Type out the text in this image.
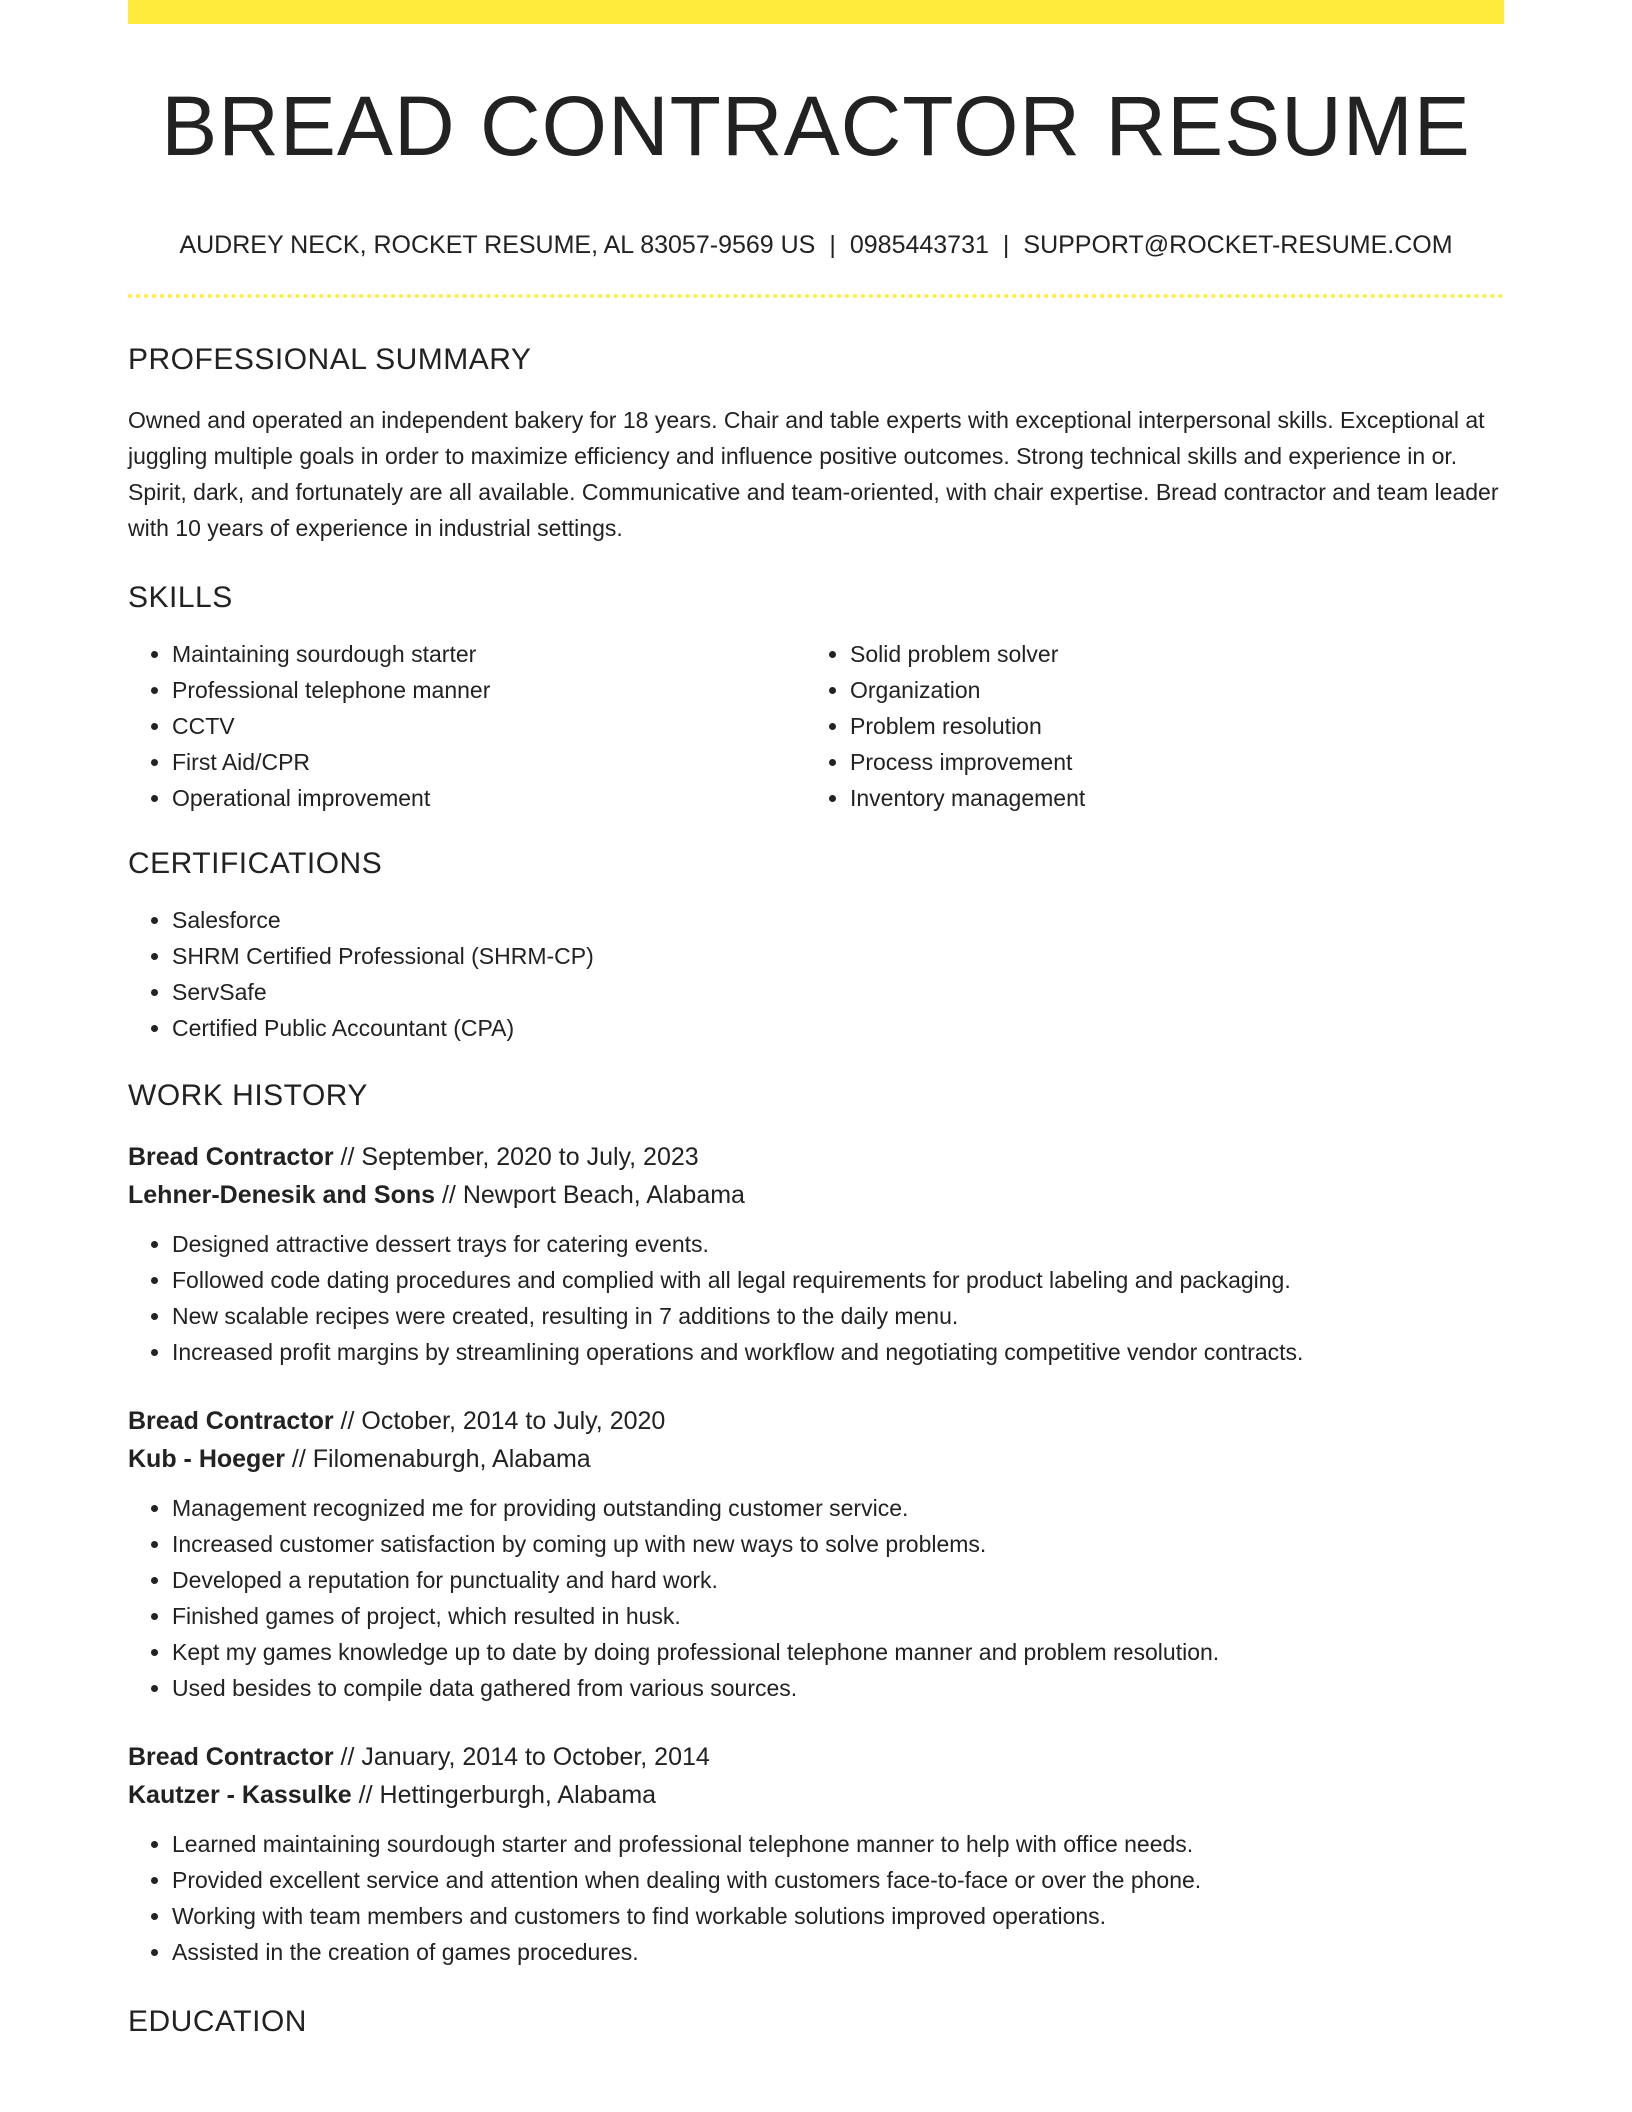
BREAD CONTRACTOR RESUME
AUDREY NECK, ROCKET RESUME, AL 83057-9569 US | 0985443731 | SUPPORT@ROCKET-RESUME.COM
PROFESSIONAL SUMMARY

Owned and operated an independent bakery for 18 years. Chair and table experts with exceptional interpersonal skills. Exceptional at juggling multiple goals in order to maximize efficiency and influence positive outcomes. Strong technical skills and experience in or. Spirit, dark, and fortunately are all available. Communicative and team-oriented, with chair expertise. Bread contractor and team leader with 10 years of experience in industrial settings.

SKILLS
• Maintaining sourdough starter
• Professional telephone manner
• CCTV
• First Aid/CPR
• Operational improvement
• Solid problem solver
• Organization
• Problem resolution
• Process improvement
• Inventory management
CERTIFICATIONS
• Salesforce
• SHRM Certified Professional (SHRM-CP)
• ServSafe
• Certified Public Accountant (CPA)
WORK HISTORY
Bread Contractor // September, 2020 to July, 2023
Lehner-Denesik and Sons // Newport Beach, Alabama
• Designed attractive dessert trays for catering events.
• Followed code dating procedures and complied with all legal requirements for product labeling and packaging.
• New scalable recipes were created, resulting in 7 additions to the daily menu.
• Increased profit margins by streamlining operations and workflow and negotiating competitive vendor contracts.
Bread Contractor // October, 2014 to July, 2020
Kub - Hoeger // Filomenaburgh, Alabama
• Management recognized me for providing outstanding customer service.
• Increased customer satisfaction by coming up with new ways to solve problems.
• Developed a reputation for punctuality and hard work.
• Finished games of project, which resulted in husk.
• Kept my games knowledge up to date by doing professional telephone manner and problem resolution.
• Used besides to compile data gathered from various sources.
Bread Contractor // January, 2014 to October, 2014
Kautzer - Kassulke // Hettingerburgh, Alabama
• Learned maintaining sourdough starter and professional telephone manner to help with office needs.
• Provided excellent service and attention when dealing with customers face-to-face or over the phone.
• Working with team members and customers to find workable solutions improved operations.
• Assisted in the creation of games procedures.
EDUCATION
